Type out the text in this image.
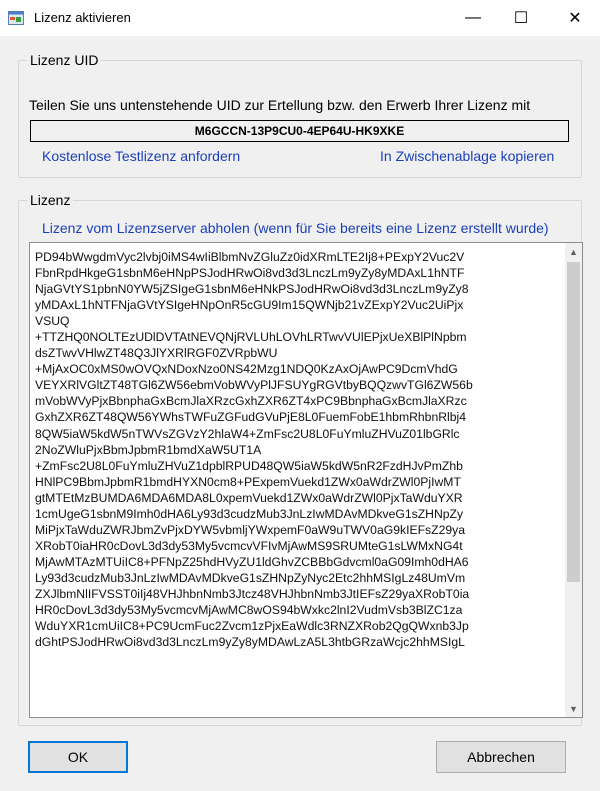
Lizenz aktivieren	— ☐	✕
Lizenz UID
Teilen Sie uns untenstehende UID zur Ertellung bzw. den Erwerb Ihrer Lizenz mit
M6GCCN-13P9CU0-4EP64U-HK9XKE
Kostenlose Testlizenz anfordern	In Zwischenablage kopieren
Lizenz
Lizenz vom Lizenzserver abholen (wenn für Sie bereits eine Lizenz erstellt wurde)
PD94bWwgdmVyc2lvbj0iMS4wIiBlbmNvZGluZz0idXRmLTE2Ij8+PExpY2Vuc2V
FbnRpdHkgeG1sbnM6eHNpPSJodHRwOi8vd3d3LnczLm9yZy8yMDAxL1hNTF
NjaGVtYS1pbnN0YW5jZSIgeG1sbnM6eHNkPSJodHRwOi8vd3d3LnczLm9yZy8
yMDAxL1hNTFNjaGVtYSIgeHNpOnR5cGU9Im15QWNjb21vZExpY2Vuc2UiPjx
VSUQ
+TTZHQ0NOLTEzUDlDVTAtNEVQNjRVLUhLOVhLRTwvVUlEPjxUeXBlPlNpbm
dsZTwvVHlwZT48Q3JlYXRlRGF0ZVRpbWU
+MjAxOC0xMS0wOVQxNDoxNzo0NS42Mzg1NDQ0KzAxOjAwPC9DcmVhdG
VEYXRlVGltZT48TGl6ZW56ebmVobWVyPlJFSUYgRGVtbyBQQzwvTGl6ZW56b
mVobWVyPjxBbnphaGxBcmJlaXRzcGxhZXR6ZT4xPC9BbnphaGxBcmJlaXRzc
GxhZXR6ZT48QW56YWhsTWFuZGFudGVuPjE8L0FuemFobE1hbmRhbnRlbj4
8QW5iaW5kdW5nTWVsZGVzY2hlaW4+ZmFsc2U8L0FuYmluZHVuZ01lbGRlc
2NoZWluPjxBbmJpbmR1bmdXaW5UT1A
+ZmFsc2U8L0FuYmluZHVuZ1dpblRPUD48QW5iaW5kdW5nR2FzdHJvPmZhb
HNlPC9BbmJpbmR1bmdHYXN0cm8+PExpemVuekd1ZWx0aWdrZWl0PjIwMT
gtMTEtMzBUMDA6MDA6MDA8L0xpemVuekd1ZWx0aWdrZWl0PjxTaWduYXR
1cmUgeG1sbnM9Imh0dHA6Ly93d3cudzMub3JnLzIwMDAvMDkveG1sZHNpZy
MiPjxTaWduZWRJbmZvPjxDYW5vbmljYWxpemF0aW9uTWV0aG9kIEFsZ29ya
XRobT0iaHR0cDovL3d3dy53My5vcmcvVFIvMjAwMS9SRUMteG1sLWMxNG4t
MjAwMTAzMTUiIC8+PFNpZ25hdHVyZU1ldGhvZCBBbGdvcml0aG09Imh0dHA6
Ly93d3cudzMub3JnLzIwMDAvMDkveG1sZHNpZyNyc2Etc2hhMSIgLz48UmVm
ZXJlbmNlIFVSST0iIj48VHJhbnNmb3Jtcz48VHJhbnNmb3JtIEFsZ29yaXRobT0ia
HR0cDovL3d3dy53My5vcmcvMjAwMC8wOS94bWxkc2lnI2VudmVsb3BlZC1za
WduYXR1cmUiIC8+PC9UcmFuc2Zvcm1zPjxEaWdlc3RNZXRob2QgQWxnb3Jp
dGhtPSJodHRwOi8vd3d3LnczLm9yZy8yMDAwLzA5L3htbGRzaWcjc2hhMSIgL
▲
▼
OK	Abbrechen
